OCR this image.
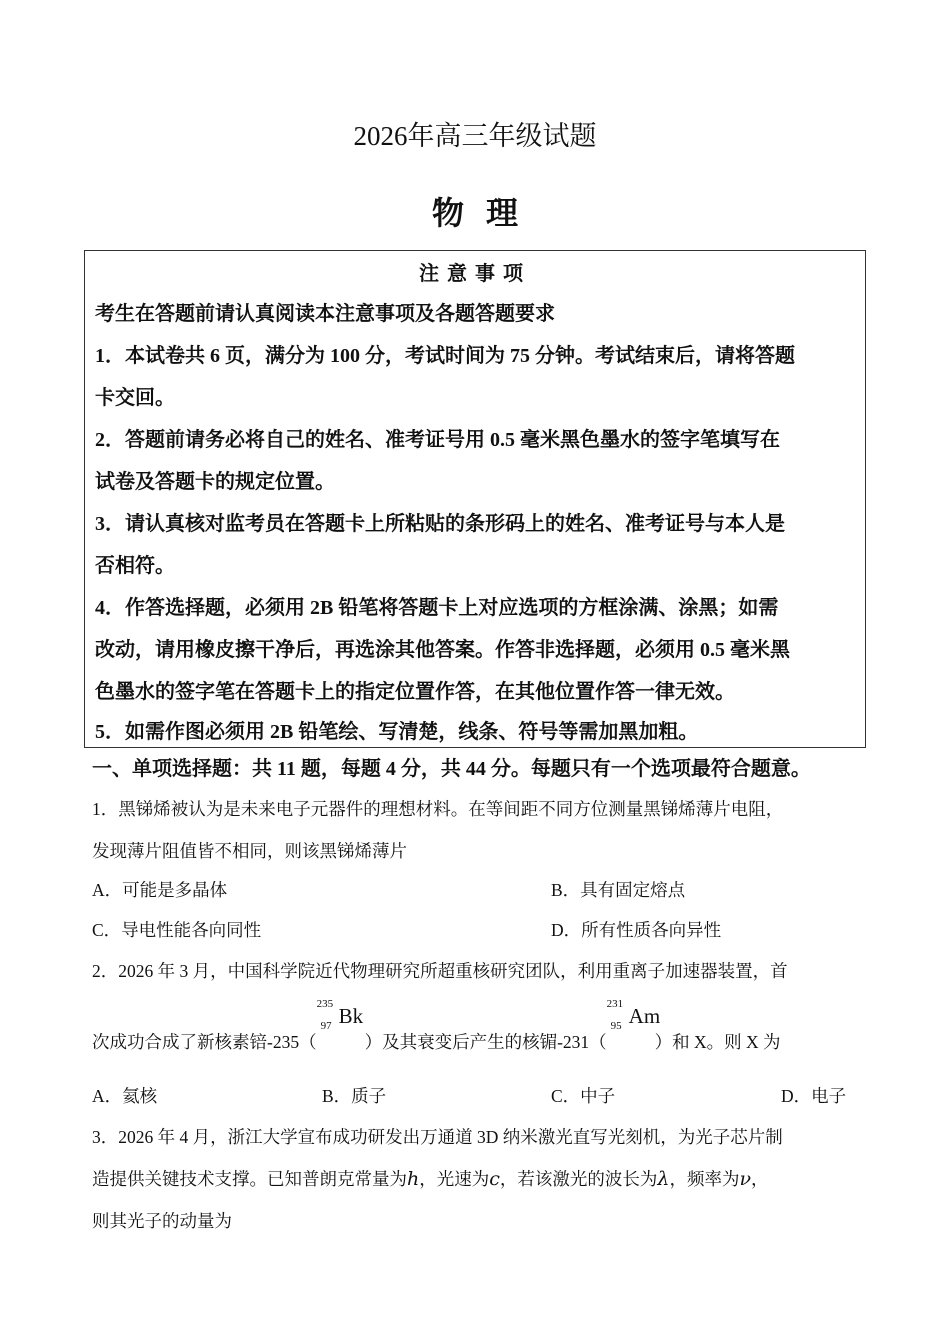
2026年高三年级试题
物理
注意事项
考生在答题前请认真阅读本注意事项及各题答题要求
1．本试卷共 6 页，满分为 100 分，考试时间为 75 分钟。考试结束后，请将答题
卡交回。
2．答题前请务必将自己的姓名、准考证号用 0.5 毫米黑色墨水的签字笔填写在
试卷及答题卡的规定位置。
3．请认真核对监考员在答题卡上所粘贴的条形码上的姓名、准考证号与本人是
否相符。
4．作答选择题，必须用 2B 铅笔将答题卡上对应选项的方框涂满、涂黑；如需
改动，请用橡皮擦干净后，再选涂其他答案。作答非选择题，必须用 0.5 毫米黑
色墨水的签字笔在答题卡上的指定位置作答，在其他位置作答一律无效。
5．如需作图必须用 2B 铅笔绘、写清楚，线条、符号等需加黑加粗。
一、单项选择题：共 11 题，每题 4 分，共 44 分。每题只有一个选项最符合题意。
1．黑锑烯被认为是未来电子元器件的理想材料。在等间距不同方位测量黑锑烯薄片电阻，
发现薄片阻值皆不相同，则该黑锑烯薄片
A．可能是多晶体	B．具有固定熔点
C．导电性能各向同性	D．所有性质各向异性
2．2026 年 3 月，中国科学院近代物理研究所超重核研究团队，利用重离子加速器装置，首
次成功合成了新核素锫-235（
235
97 Bk
）及其衰变后产生的核镅-231（
231
95 Am
）和 X。则 X 为
A．氦核	B．质子	C．中子	D．电子
3．2026 年 4 月，浙江大学宣布成功研发出万通道 3D 纳米激光直写光刻机，为光子芯片制
造提供关键技术支撑。已知普朗克常量为h，光速为c，若该激光的波长为λ，频率为ν，
则其光子的动量为
